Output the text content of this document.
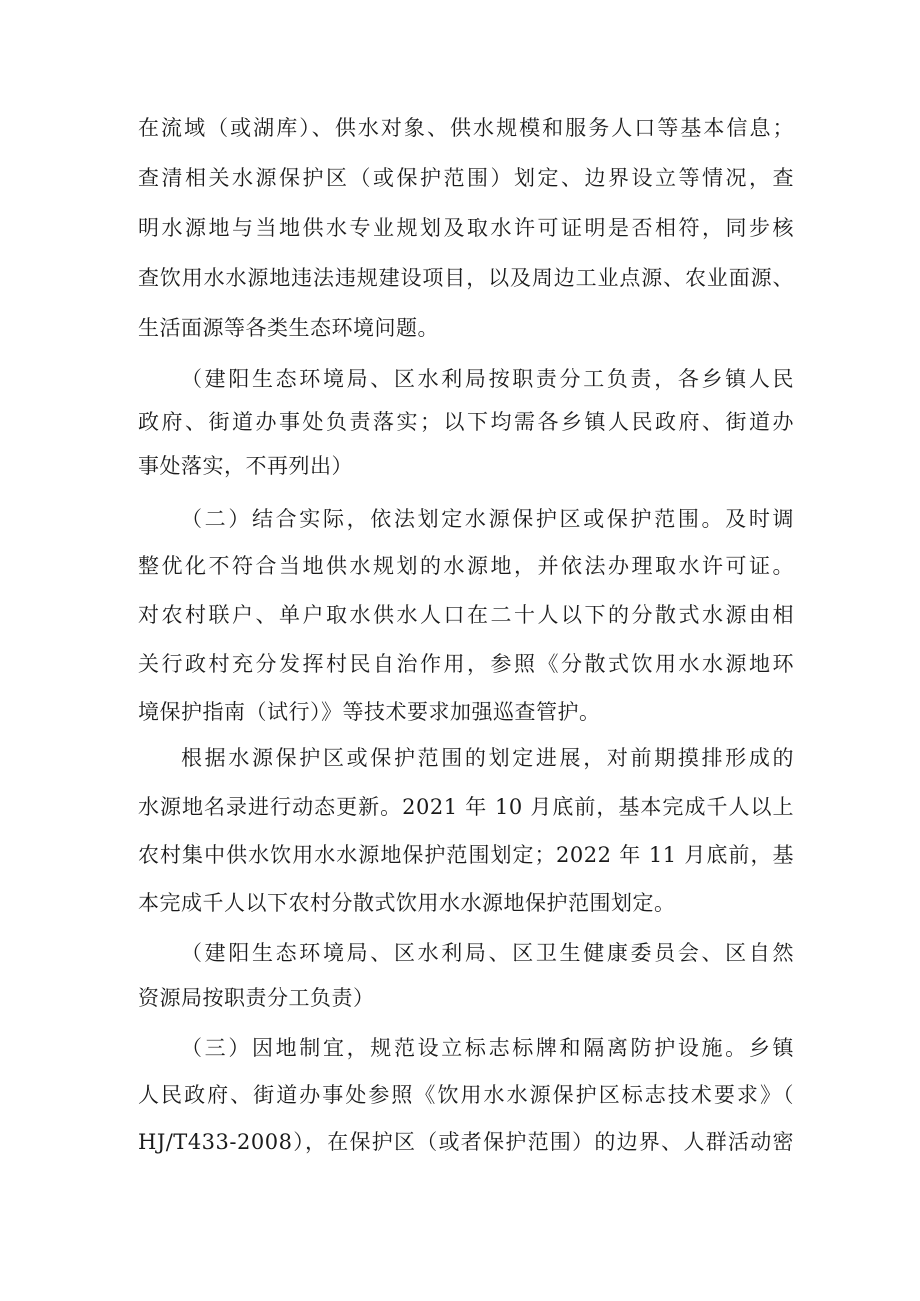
在流域（或湖库）、供水对象、供水规模和服务人口等基本信息；
查清相关水源保护区（或保护范围）划定、边界设立等情况，查
明水源地与当地供水专业规划及取水许可证明是否相符，同步核
查饮用水水源地违法违规建设项目，以及周边工业点源、农业面源、
生活面源等各类生态环境问题。
（建阳生态环境局、区水利局按职责分工负责，各乡镇人民
政府、街道办事处负责落实；以下均需各乡镇人民政府、街道办
事处落实，不再列出）
（二）结合实际，依法划定水源保护区或保护范围。及时调
整优化不符合当地供水规划的水源地，并依法办理取水许可证。
对农村联户、单户取水供水人口在二十人以下的分散式水源由相
关行政村充分发挥村民自治作用，参照《分散式饮用水水源地环
境保护指南（试行）》等技术要求加强巡查管护。
根据水源保护区或保护范围的划定进展，对前期摸排形成的
水源地名录进行动态更新。2021 年 10 月底前，基本完成千人以上
农村集中供水饮用水水源地保护范围划定；2022 年 11 月底前，基
本完成千人以下农村分散式饮用水水源地保护范围划定。
（建阳生态环境局、区水利局、区卫生健康委员会、区自然
资源局按职责分工负责）
（三）因地制宜，规范设立标志标牌和隔离防护设施。乡镇
人民政府、街道办事处参照《饮用水水源保护区标志技术要求》（
HJ/T433-2008），在保护区（或者保护范围）的边界、人群活动密
